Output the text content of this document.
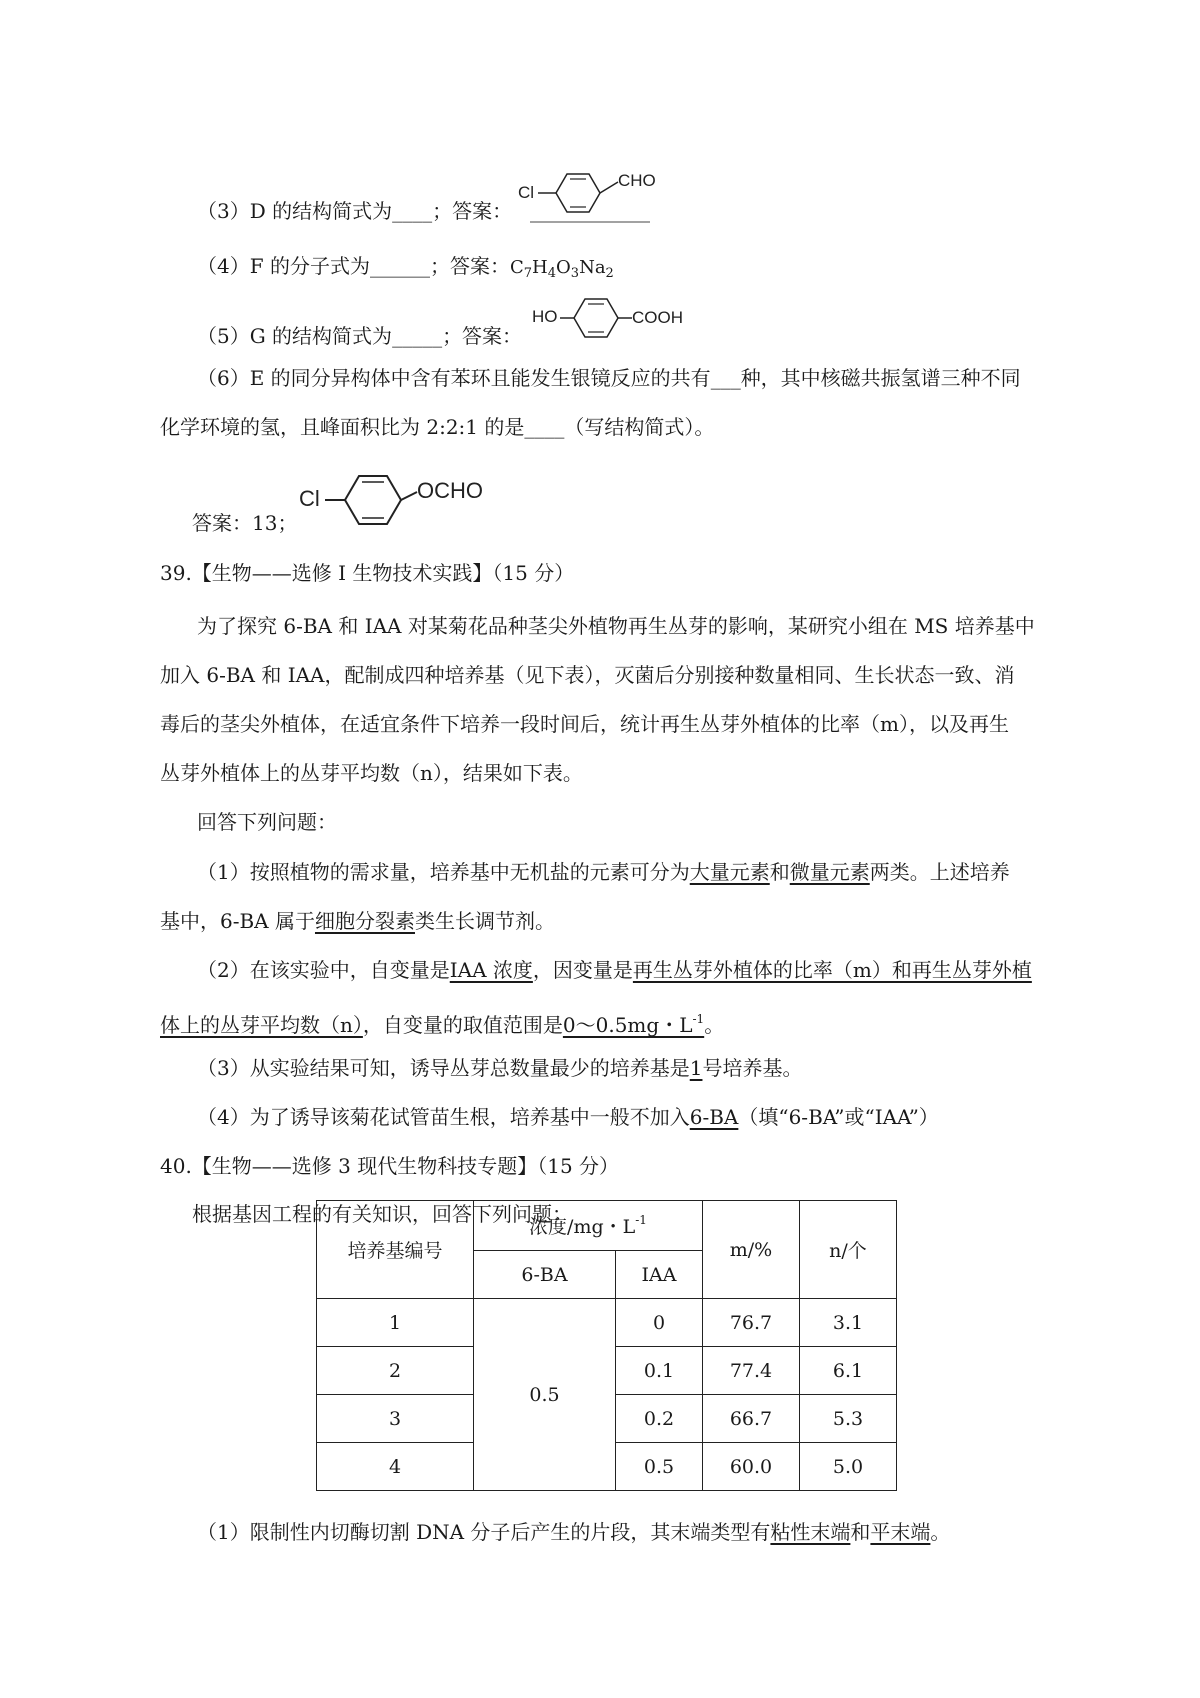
（3）D 的结构简式为____；答案：
Cl
CHO
（4）F 的分子式为______；答案：$C_7H_4O_3Na_2$
（5）G 的结构简式为_____；答案：
HO	COOH
（6）E 的同分异构体中含有苯环且能发生银镜反应的共有___种，其中核磁共振氢谱三种不同
化学环境的氢，且峰面积比为 2:2:1 的是____（写结构简式）。
答案：13；
Cl	OCHO
39.【生物——选修 I 生物技术实践】（15 分）
为了探究 6-BA 和 IAA 对某菊花品种茎尖外植物再生丛芽的影响，某研究小组在 MS 培养基中
加入 6-BA 和 IAA，配制成四种培养基（见下表），灭菌后分别接种数量相同、生长状态一致、消
毒后的茎尖外植体，在适宜条件下培养一段时间后，统计再生丛芽外植体的比率（m），以及再生
丛芽外植体上的丛芽平均数（n），结果如下表。
回答下列问题：
（1）按照植物的需求量，培养基中无机盐的元素可分为大量元素和微量元素两类。上述培养
基中，6-BA 属于细胞分裂素类生长调节剂。
（2）在该实验中，自变量是IAA 浓度，因变量是再生丛芽外植体的比率（m）和再生丛芽外植
体上的丛芽平均数（n），自变量的取值范围是0～0.5mg・$L^{-1}$。
（3）从实验结果可知，诱导丛芽总数量最少的培养基是1号培养基。
（4）为了诱导该菊花试管苗生根，培养基中一般不加入6-BA（填“6-BA”或“IAA”）
40.【生物——选修 3 现代生物科技专题】（15 分）
根据基因工程的有关知识，回答下列问题：
培养基编号	浓度/mg・$L^{-1}$		m/%	n/个
	6-BA	IAA		
1	0.5	0	76.7	3.1
2		0.1	77.4	6.1
3		0.2	66.7	5.3
4		0.5	60.0	5.0
（1）限制性内切酶切割 DNA 分子后产生的片段，其末端类型有粘性末端和平末端。
